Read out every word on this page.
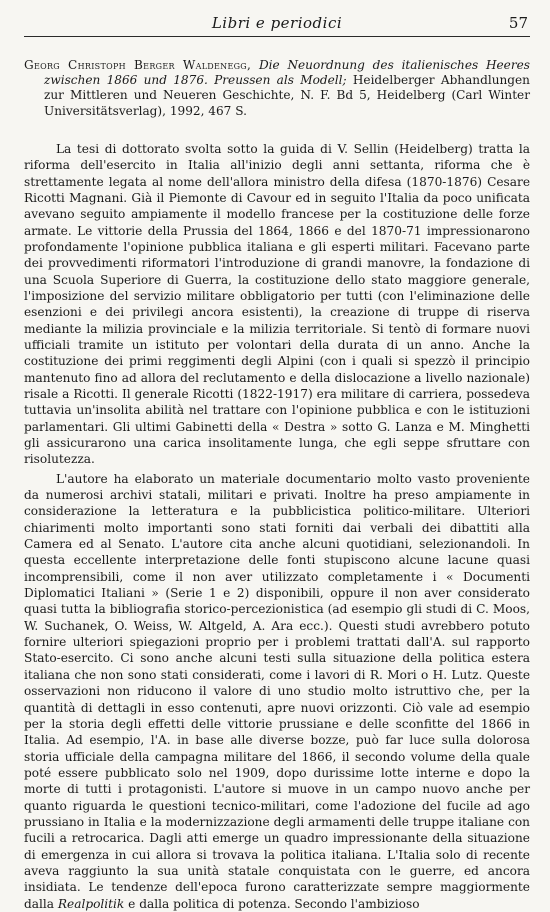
Libri e periodici	57
Georg Christoph Berger Waldenegg, Die Neuordnung des italienisches Heeres zwischen 1866 und 1876. Preussen als Modell; Heidelberger Abhandlungen zur Mittleren und Neueren Geschichte, N. F. Bd 5, Heidelberg (Carl Winter Universitätsverlag), 1992, 467 S.

La tesi di dottorato svolta sotto la guida di V. Sellin (Heidelberg) tratta la riforma dell'esercito in Italia all'inizio degli anni settanta, riforma che è strettamente legata al nome dell'allora ministro della difesa (1870-1876) Cesare Ricotti Magnani. Già il Piemonte di Cavour ed in seguito l'Italia da poco unificata avevano seguito ampiamente il modello francese per la costituzione delle forze armate. Le vittorie della Prussia del 1864, 1866 e del 1870-71 impressionarono profondamente l'opinione pubblica italiana e gli esperti militari. Facevano parte dei provvedimenti riformatori l'introduzione di grandi manovre, la fondazione di una Scuola Superiore di Guerra, la costituzione dello stato maggiore generale, l'imposizione del servizio militare obbligatorio per tutti (con l'eliminazione delle esenzioni e dei privilegi ancora esistenti), la creazione di truppe di riserva mediante la milizia provinciale e la milizia territoriale. Si tentò di formare nuovi ufficiali tramite un istituto per volontari della durata di un anno. Anche la costituzione dei primi reggimenti degli Alpini (con i quali si spezzò il principio mantenuto fino ad allora del reclutamento e della dislocazione a livello nazionale) risale a Ricotti. Il generale Ricotti (1822-1917) era militare di carriera, possedeva tuttavia un'insolita abilità nel trattare con l'opinione pubblica e con le istituzioni parlamentari. Gli ultimi Gabinetti della « Destra » sotto G. Lanza e M. Minghetti gli assicurarono una carica insolitamente lunga, che egli seppe sfruttare con risolutezza.

L'autore ha elaborato un materiale documentario molto vasto proveniente da numerosi archivi statali, militari e privati. Inoltre ha preso ampiamente in considerazione la letteratura e la pubblicistica politico-militare. Ulteriori chiarimenti molto importanti sono stati forniti dai verbali dei dibattiti alla Camera ed al Senato. L'autore cita anche alcuni quotidiani, selezionandoli. In questa eccellente interpretazione delle fonti stupiscono alcune lacune quasi incomprensibili, come il non aver utilizzato completamente i « Documenti Diplomatici Italiani » (Serie 1 e 2) disponibili, oppure il non aver considerato quasi tutta la bibliografia storico-percezionistica (ad esempio gli studi di C. Moos, W. Suchanek, O. Weiss, W. Altgeld, A. Ara ecc.). Questi studi avrebbero potuto fornire ulteriori spiegazioni proprio per i problemi trattati dall'A. sul rapporto Stato-esercito. Ci sono anche alcuni testi sulla situazione della politica estera italiana che non sono stati considerati, come i lavori di R. Mori o H. Lutz. Queste osservazioni non riducono il valore di uno studio molto istruttivo che, per la quantità di dettagli in esso contenuti, apre nuovi orizzonti. Ciò vale ad esempio per la storia degli effetti delle vittorie prussiane e delle sconfitte del 1866 in Italia. Ad esempio, l'A. in base alle diverse bozze, può far luce sulla dolorosa storia ufficiale della campagna militare del 1866, il secondo volume della quale poté essere pubblicato solo nel 1909, dopo durissime lotte interne e dopo la morte di tutti i protagonisti. L'autore si muove in un campo nuovo anche per quanto riguarda le questioni tecnico-militari, come l'adozione del fucile ad ago prussiano in Italia e la modernizzazione degli armamenti delle truppe italiane con fucili a retrocarica. Dagli atti emerge un quadro impressionante della situazione di emergenza in cui allora si trovava la politica italiana. L'Italia solo di recente aveva raggiunto la sua unità statale conquistata con le guerre, ed ancora insidiata. Le tendenze dell'epoca furono caratterizzate sempre maggiormente dalla Realpolitik e dalla politica di potenza. Secondo l'ambizioso
